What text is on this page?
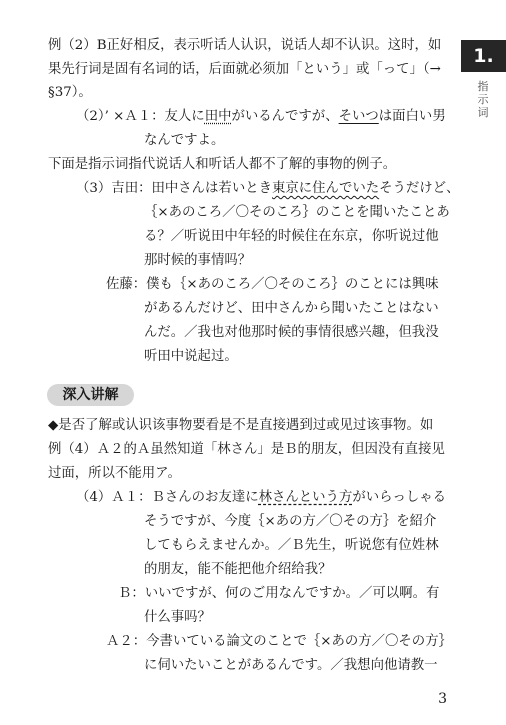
1.
指示词
例（2）B正好相反，表示听话人认识，说话人却不认识。这时，如
果先行词是固有名词的话，后面就必须加「という」或「って」（→
§37）。
（2）’ ×Ａ１：友人に田中がいるんですが、そいつは面白い男
なんですよ。
下面是指示词指代说话人和听话人都不了解的事物的例子。
（3）吉田：田中さんは若いとき東京に住んでいたそうだけど、
｛×あのころ／〇そのころ｝のことを聞いたことあ
る？／听说田中年轻的时候住在东京，你听说过他
那时候的事情吗？
佐藤：僕も｛×あのころ／〇そのころ｝のことには興味
があるんだけど、田中さんから聞いたことはない
んだ。／我也对他那时候的事情很感兴趣，但我没
听田中说起过。
深入讲解
◆是否了解或认识该事物要看是不是直接遇到过或见过该事物。如
例（4）Ａ２的Ａ虽然知道「林さん」是Ｂ的朋友，但因没有直接见
过面，所以不能用ア。
（4）Ａ１：Ｂさんのお友達に林さんという方がいらっしゃる
そうですが、今度｛×あの方／〇その方｝を紹介
してもらえませんか。／Ｂ先生，听说您有位姓林
的朋友，能不能把他介绍给我？
Ｂ：いいですが、何のご用なんですか。／可以啊。有
什么事吗？
Ａ２：今書いている論文のことで｛×あの方／〇その方｝
に伺いたいことがあるんです。／我想向他请教一
3
